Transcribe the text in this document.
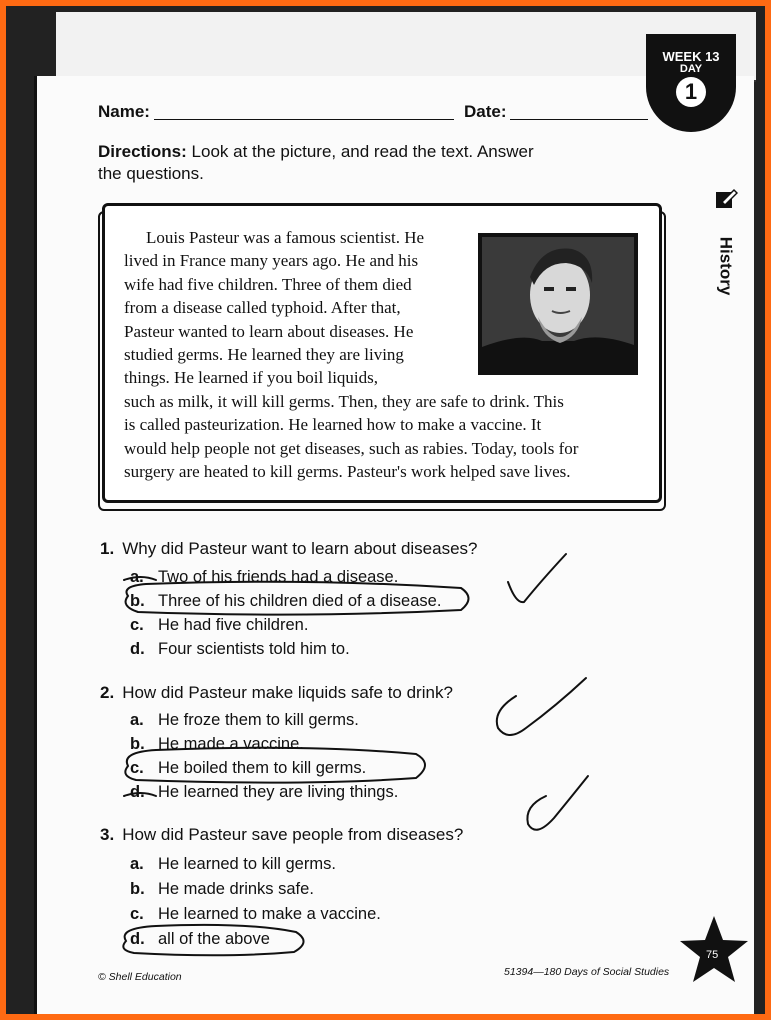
WEEK 13
DAY
1
Name:	Date:
Directions: Look at the picture, and read the text. Answer
the questions.
History
Louis Pasteur was a famous scientist. He
lived in France many years ago. He and his
wife had five children. Three of them died
from a disease called typhoid. After that,
Pasteur wanted to learn about diseases. He
studied germs. He learned they are living
things. He learned if you boil liquids,
such as milk, it will kill germs. Then, they are safe to drink. This
is called pasteurization. He learned how to make a vaccine. It
would help people not get diseases, such as rabies. Today, tools for
surgery are heated to kill germs. Pasteur's work helped save lives.
1. Why did Pasteur want to learn about diseases?
a. Two of his friends had a disease.
b. Three of his children died of a disease.
c. He had five children.
d. Four scientists told him to.
2. How did Pasteur make liquids safe to drink?
a. He froze them to kill germs.
b. He made a vaccine.
c. He boiled them to kill germs.
d. He learned they are living things.
3. How did Pasteur save people from diseases?
a. He learned to kill germs.
b. He made drinks safe.
c. He learned to make a vaccine.
d. all of the above
© Shell Education	51394—180 Days of Social Studies
75
